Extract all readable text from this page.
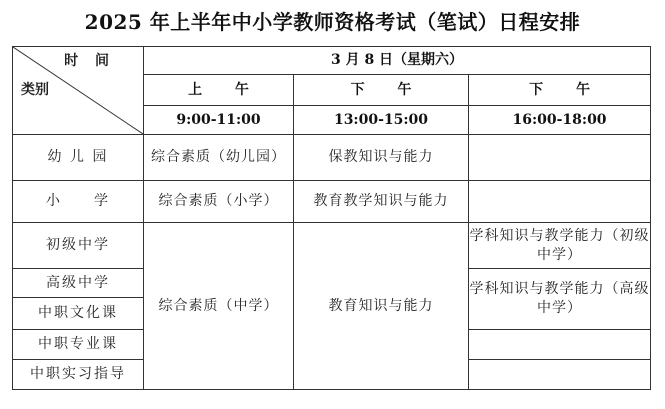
2025 年上半年中小学教师资格考试（笔试）日程安排
时 间
类别	3 月 8 日（星期六）		
	上 午	下 午	下 午
	9:00-11:00	13:00-15:00	16:00-18:00
幼 儿 园	综合素质（幼儿园）	保教知识与能力	
小　　学	综合素质（小学）	教育教学知识与能力	
初级中学	综合素质（中学）	教育知识与能力	学科知识与教学能力（初级中学）
高级中学			学科知识与教学能力（高级中学）
中职文化课			
中职专业课			
中职实习指导			
